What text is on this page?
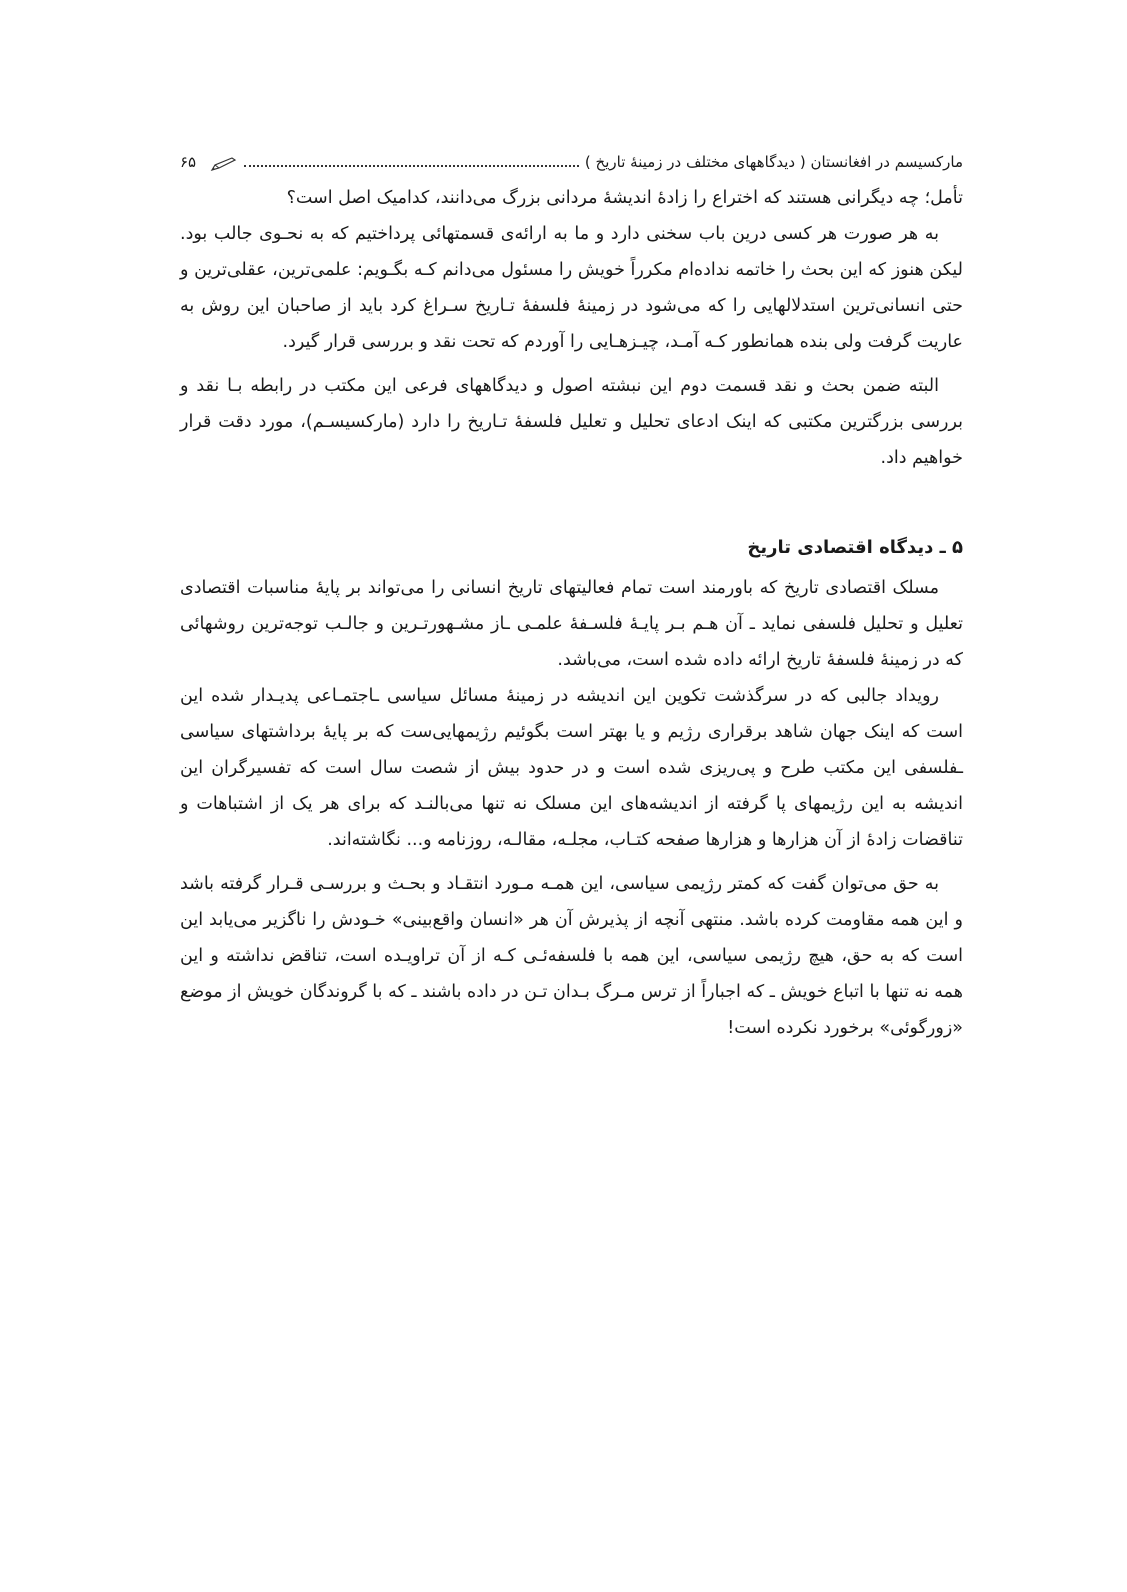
مارکسیسم در افغانستان ( دیدگاههای مختلف در زمینهٔ تاریخ )
۶۵

تأمل؛ چه دیگرانی هستند که اختراع را زادهٔ اندیشهٔ مردانی بزرگ می‌دانند، کدامیک اصل است؟

به هر صورت هر کسی درین باب سخنی دارد و ما به ارائه‌ی قسمتهائی پرداختیم که به نحـوی جالب بود. لیکن هنوز که این بحث را خاتمه نداده‌ام مکرراً خویش را مسئول می‌دانم کـه بگـویم: علمی‌ترین، عقلی‌ترین و حتی انسانی‌ترین استدلالهایی را که می‌شود در زمینهٔ فلسفهٔ تـاریخ سـراغ کرد باید از صاحبان این روش به عاریت گرفت ولی بنده همانطور کـه آمـد، چیـزهـایی را آوردم که تحت نقد و بررسی قرار گیرد.

البته ضمن بحث و نقد قسمت دوم این نبشته اصول و دیدگاههای فرعی این مکتب در رابطه بـا نقد و بررسی بزرگترین مکتبی که اینک ادعای تحلیل و تعلیل فلسفهٔ تـاریخ را دارد (مارکسیسـم)، مورد دقت قرار خواهیم داد.

۵ ـ دیدگاه اقتصادی تاریخ

مسلک اقتصادی تاریخ که باورمند است تمام فعالیتهای تاریخ انسانی را می‌تواند بر پایهٔ مناسبات اقتصادی تعلیل و تحلیل فلسفی نماید ـ آن هـم بـر پایـهٔ فلسـفهٔ علمـی ـاز مشـهورتـرین و جالـب توجه‌ترین روشهائی که در زمینهٔ فلسفهٔ تاریخ ارائه داده شده است، می‌باشد.

رویداد جالبی که در سرگذشت تکوین این اندیشه در زمینهٔ مسائل سیاسی ـاجتمـاعی پدیـدار شده این است که اینک جهان شاهد برقراری رژیم و یا بهتر است بگوئیم رژیمهایی‌ست که بر پایهٔ برداشتهای سیاسی ـفلسفی این مکتب طرح و پی‌ریزی شده است و در حدود بیش از شصت سال است که تفسیرگران این اندیشه به این رژیمهای پا گرفته از اندیشه‌های این مسلک نه تنها می‌بالنـد که برای هر یک از اشتباهات و تناقضات زادهٔ از آن هزارها و هزارها صفحه کتـاب، مجلـه، مقالـه، روزنامه و... نگاشته‌اند.

به حق می‌توان گفت که کمتر رژیمی سیاسی، این همـه مـورد انتقـاد و بحـث و بررسـی قـرار گرفته باشد و این همه مقاومت کرده باشد. منتهی آنچه از پذیرش آن هر «انسان واقع‌بینی» خـودش را ناگزیر می‌یابد این است که به حق، هیچ رژیمی سیاسی، این همه با فلسفه‌ئـی کـه از آن تراویـده است، تناقض نداشته و این همه نه تنها با اتباع خویش ـ که اجباراً از ترس مـرگ بـدان تـن در داده باشند ـ که با گروندگان خویش از موضع «زورگوئی» برخورد نکرده است!
